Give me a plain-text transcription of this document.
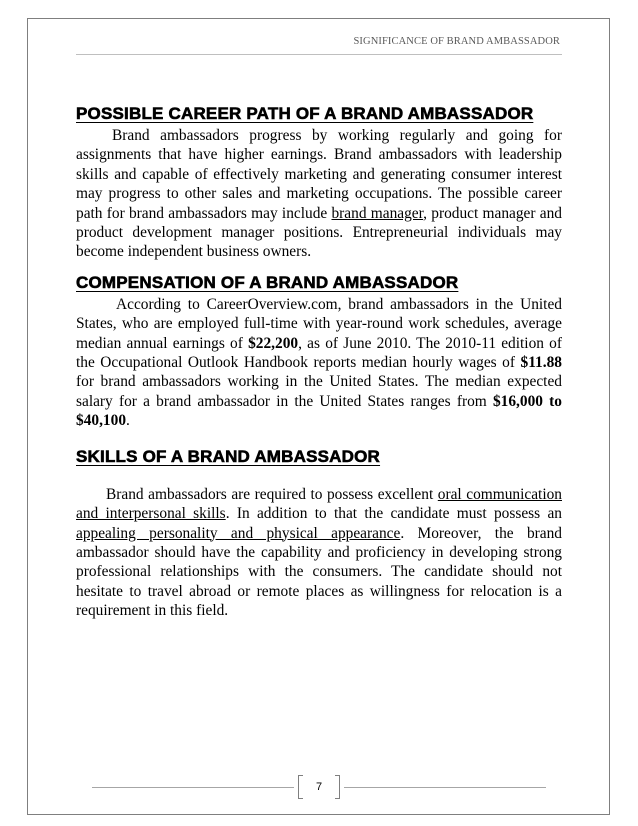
SIGNIFICANCE OF BRAND AMBASSADOR
POSSIBLE CAREER PATH OF A BRAND AMBASSADOR

Brand ambassadors progress by working regularly and going for assignments that have higher earnings. Brand ambassadors with leadership skills and capable of effectively marketing and generating consumer interest may progress to other sales and marketing occupations. The possible career path for brand ambassadors may include brand manager, product manager and product development manager positions. Entrepreneurial individuals may become independent business owners.

COMPENSATION OF A BRAND AMBASSADOR

According to CareerOverview.com, brand ambassadors in the United States, who are employed full-time with year-round work schedules, average median annual earnings of $22,200, as of June 2010. The 2010-11 edition of the Occupational Outlook Handbook reports median hourly wages of $11.88 for brand ambassadors working in the United States. The median expected salary for a brand ambassador in the United States ranges from $16,000 to $40,100.

SKILLS OF A BRAND AMBASSADOR

Brand ambassadors are required to possess excellent oral communication and interpersonal skills. In addition to that the candidate must possess an appealing personality and physical appearance. Moreover, the brand ambassador should have the capability and proficiency in developing strong professional relationships with the consumers. The candidate should not hesitate to travel abroad or remote places as willingness for relocation is a requirement in this field.

7
